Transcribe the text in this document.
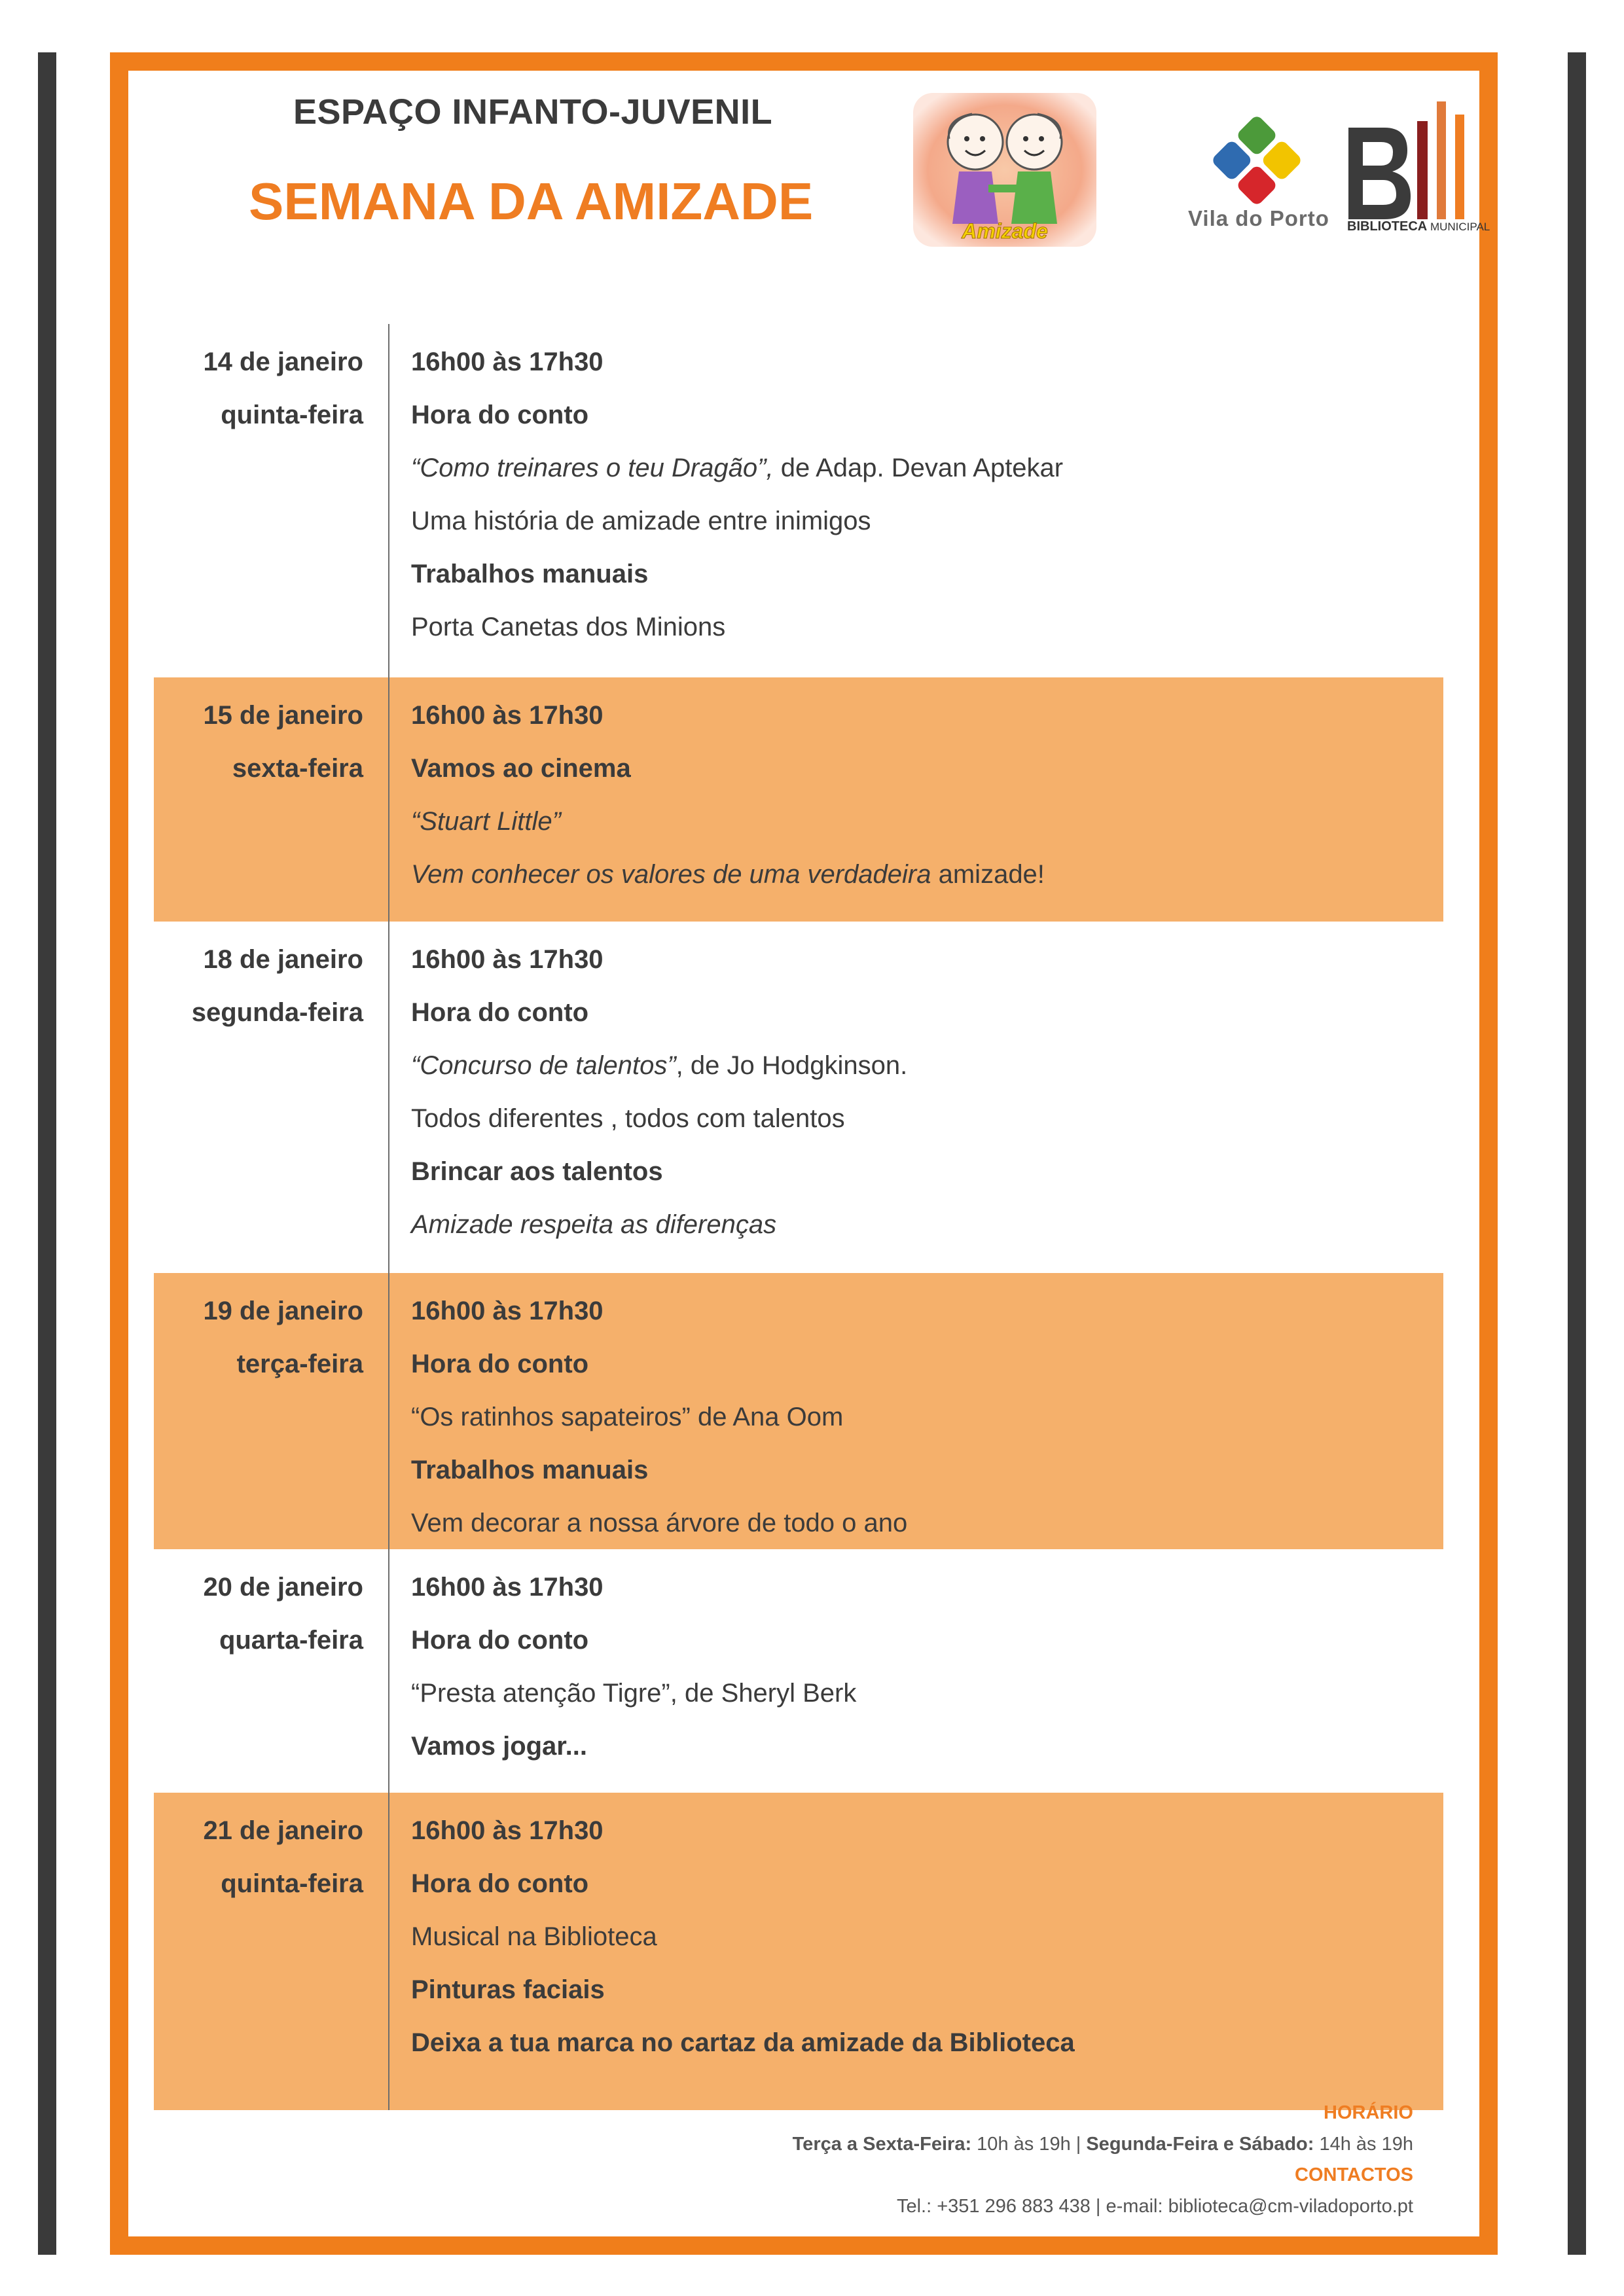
ESPAÇO INFANTO-JUVENIL
SEMANA DA AMIZADE
Amizade
Vila do Porto BIBLIOTECA MUNICIPAL
14 de janeiro
quinta-feira
16h00 às 17h30
Hora do conto
“Como treinares o teu Dragão”, de Adap. Devan Aptekar
Uma história de amizade entre inimigos
Trabalhos manuais
Porta Canetas dos Minions
15 de janeiro
sexta-feira
16h00 às 17h30
Vamos ao cinema
“Stuart Little”
Vem conhecer os valores de uma verdadeira amizade!
18 de janeiro
segunda-feira
16h00 às 17h30
Hora do conto
“Concurso de talentos”, de Jo Hodgkinson.
Todos diferentes , todos com talentos
Brincar aos talentos
Amizade respeita as diferenças
19 de janeiro
terça-feira
16h00 às 17h30
Hora do conto
“Os ratinhos sapateiros” de Ana Oom
Trabalhos manuais
Vem decorar a nossa árvore de todo o ano
20 de janeiro
quarta-feira
16h00 às 17h30
Hora do conto
“Presta atenção Tigre”, de Sheryl Berk
Vamos jogar...
21 de janeiro
quinta-feira
16h00 às 17h30
Hora do conto
Musical na Biblioteca
Pinturas faciais
Deixa a tua marca no cartaz da amizade da Biblioteca
HORÁRIO
Terça a Sexta-Feira: 10h às 19h | Segunda-Feira e Sábado: 14h às 19h
CONTACTOS
Tel.: +351 296 883 438 | e-mail: biblioteca@cm-viladoporto.pt
